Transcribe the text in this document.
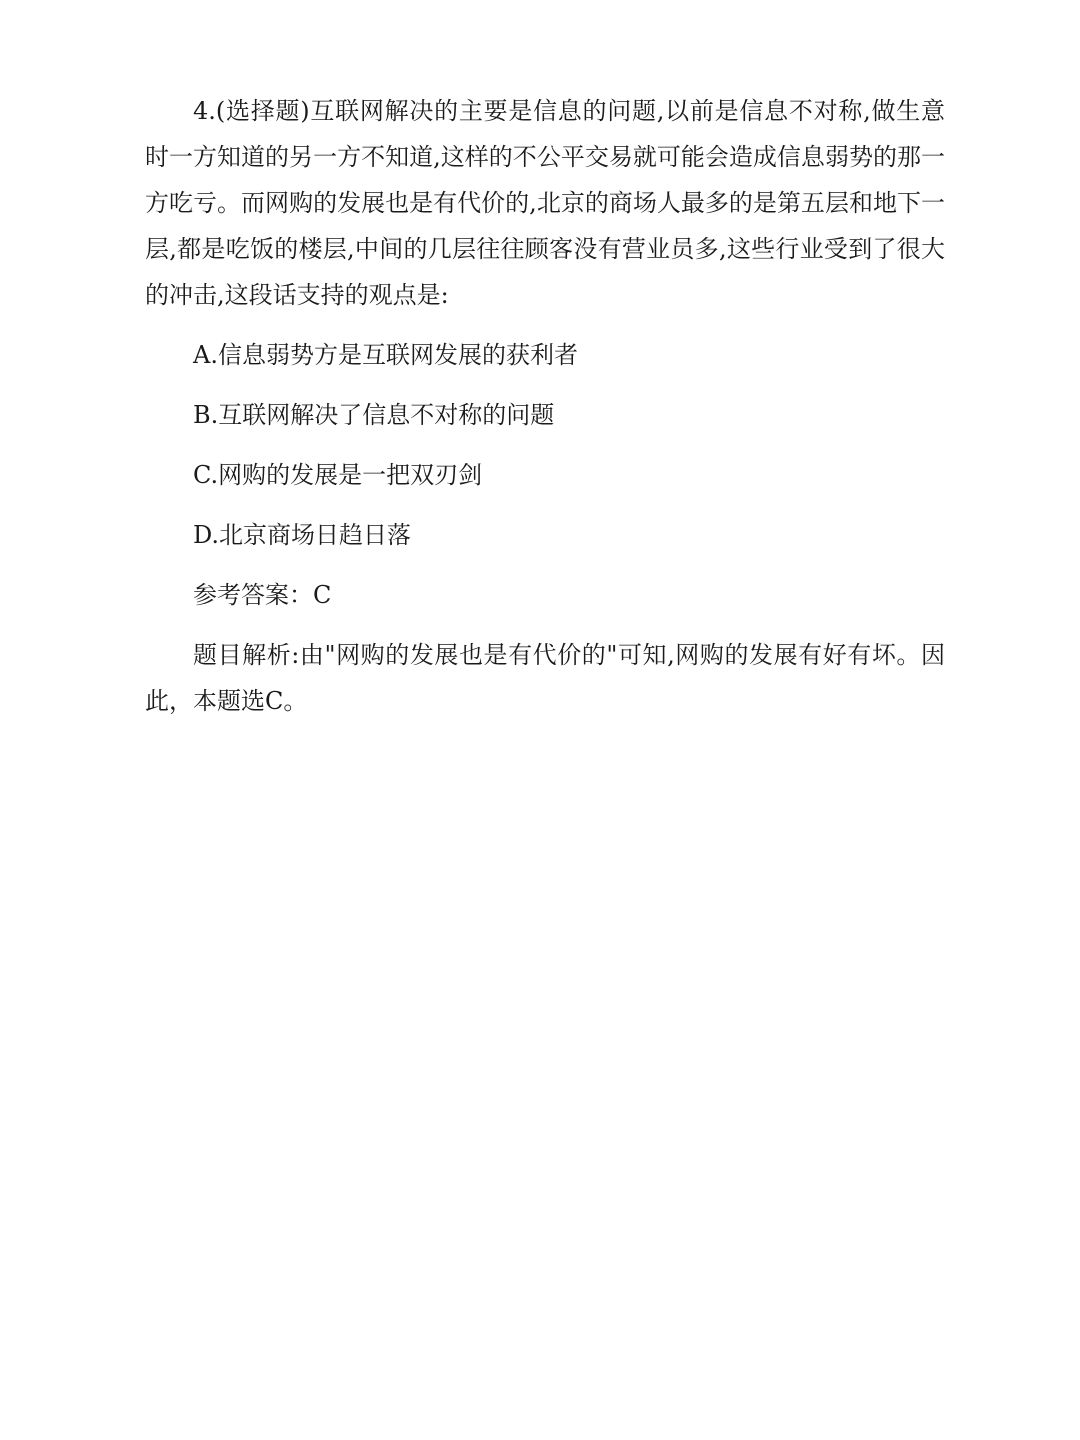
4.(选择题)互联网解决的主要是信息的问题,以前是信息不对称,做生意时一方知道的另一方不知道,这样的不公平交易就可能会造成信息弱势的那一方吃亏。而网购的发展也是有代价的,北京的商场人最多的是第五层和地下一层,都是吃饭的楼层,中间的几层往往顾客没有营业员多,这些行业受到了很大的冲击,这段话支持的观点是:

A.信息弱势方是互联网发展的获利者

B.互联网解决了信息不对称的问题

C.网购的发展是一把双刃剑

D.北京商场日趋日落

参考答案：C

题目解析:由"网购的发展也是有代价的"可知,网购的发展有好有坏。因此，本题选C。
